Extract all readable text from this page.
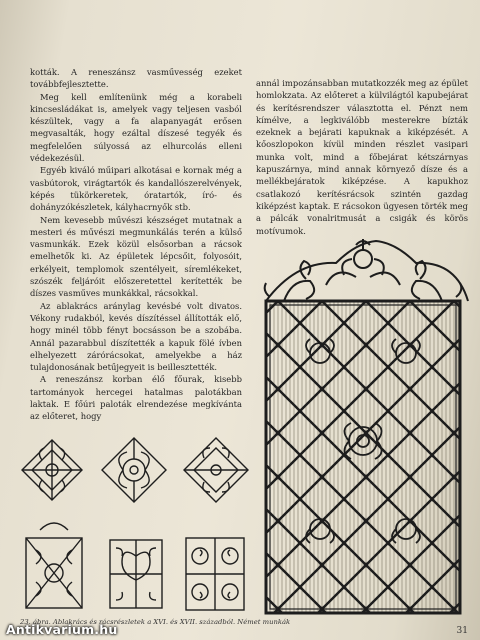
kották. A reneszánsz vasművesség ezeket továbbfejlesztette.

Meg kell említenünk még a korabeli kincsesládákat is, amelyek vagy teljesen vasból készültek, vagy a fa alapanyagát erősen megvasalták, hogy ezáltal díszesé tegyék és megfelelően súlyossá az elhurcolás elleni védekezésül.

Egyéb kiváló műipari alkotásai e kornak még a vasbútorok, virágtartók és kandallószerelvények, képés tükörkeretek, óratartók, író- és dohányzókészletek, kályhacrnyők stb.

Nem kevesebb művészi készséget mutatnak a mesteri és művészi megmunkálás terén a külső vasmunkák. Ezek közül elsősorban a rácsok emelhetők ki. Az épületek lépcsőit, folyosóit, erkélyeit, templomok szentélyeit, síremlékeket, szószék feljáróit előszeretettel kerítették be díszes vasműves munkákkal, rácsokkal.

Az ablakrács aránylag kevésbé volt divatos. Vékony rudakból, kevés díszítéssel állították elő, hogy minél több fényt bocsásson be a szobába. Annál pazarabbul díszítették a kapuk fölé ívben elhelyezett zárórácsokat, amelyekbe a ház tulajdonosának betűjegyeit is beillesztették.

A reneszánsz korban élő főurak, kisebb tartományok hercegei hatalmas palotákban laktak. E főúri paloták elrendezése megkívánta az előteret, hogy

annál impozánsabban mutatkozzék meg az épület homlokzata. Az előteret a külvilágtól kapubejárat és kerítésrendszer választotta el. Pénzt nem kímélve, a legkiválóbb mesterekre bízták ezeknek a bejárati kapuknak a kiképzését. A kőoszlopokon kívül minden részlet vasipari munka volt, mind a főbejárat kétszárnyas kapuszárnya, mind annak környező dísze és a mellékbejáratok kiképzése. A kapukhoz csatlakozó kerítésrácsok szintén gazdag kiképzést kaptak. E rácsokon ügyesen törték meg a pálcák vonalritmusát a csigák és körös motívumok.

23. ábra. Ablakrács és rácsrészletek a XVI. és XVII. századból. Német munkák
31
Antikvarium.hu
